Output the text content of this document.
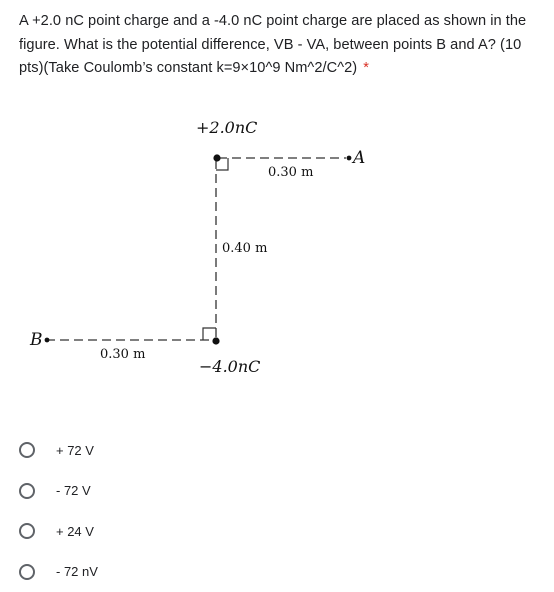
A +2.0 nC point charge and a -4.0 nC point charge are placed as shown in the figure. What is the potential difference, VB - VA, between points B and A? (10 pts)(Take Coulomb’s constant k=9×10^9 Nm^2/C^2) *
+2.0nC
−4.0nC
A
B
0.30 m
0.40 m
0.30 m
+ 72 V
- 72 V
+ 24 V
- 72 nV
